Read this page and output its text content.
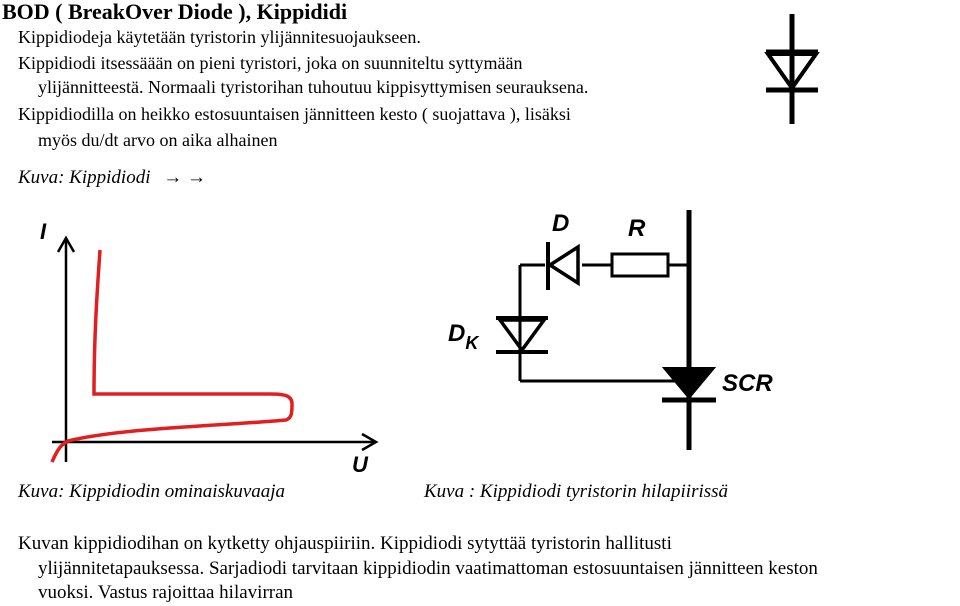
BOD ( BreakOver Diode ), Kippididi
Kippidiodeja käytetään tyristorin ylijännitesuojaukseen.
Kippidiodi itsessäään on pieni tyristori, joka on suunniteltu syttymään
ylijännitteestä. Normaali tyristorihan tuhoutuu kippisyttymisen seurauksena.
Kippidiodilla on heikko estosuuntaisen jännitteen kesto ( suojattava ), lisäksi
myös du/dt arvo on aika alhainen
Kuva: Kippidiodi → →
I
U
D R
$D_K$
SCR
Kuva: Kippidiodin ominaiskuvaaja	Kuva : Kippidiodi tyristorin hilapiirissä
Kuvan kippidiodihan on kytketty ohjauspiiriin. Kippidiodi sytyttää tyristorin hallitusti
ylijännitetapauksessa. Sarjadiodi tarvitaan kippidiodin vaatimattoman estosuuntaisen jännitteen keston
vuoksi. Vastus rajoittaa hilavirran
